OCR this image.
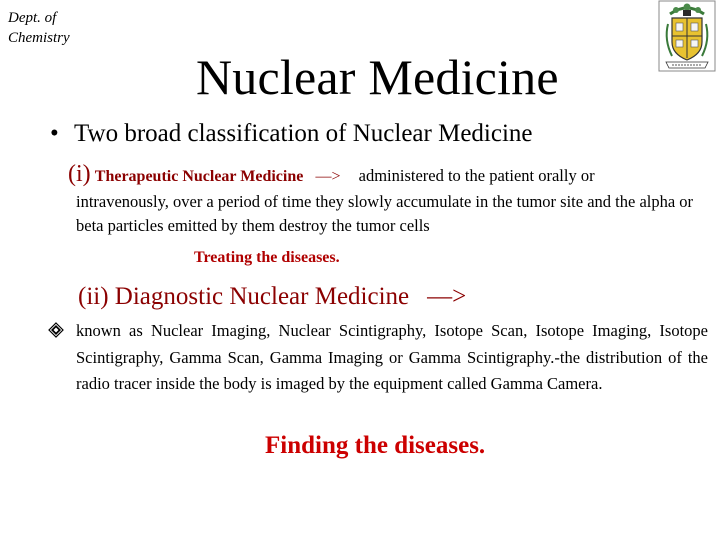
Dept. of
Chemistry
Nuclear Medicine
• Two broad classification of Nuclear Medicine
(i) Therapeutic Nuclear Medicine —> administered to the patient orally or
intravenously, over a period of time they slowly accumulate in the tumor site and the alpha or beta particles emitted by them destroy the tumor cells
Treating the diseases.
(ii) Diagnostic Nuclear Medicine —>
known as Nuclear Imaging, Nuclear Scintigraphy, Isotope Scan, Isotope Imaging, Isotope Scintigraphy, Gamma Scan, Gamma Imaging or Gamma Scintigraphy.-the distribution of the radio tracer inside the body is imaged by the equipment called Gamma Camera.
Finding the diseases.
